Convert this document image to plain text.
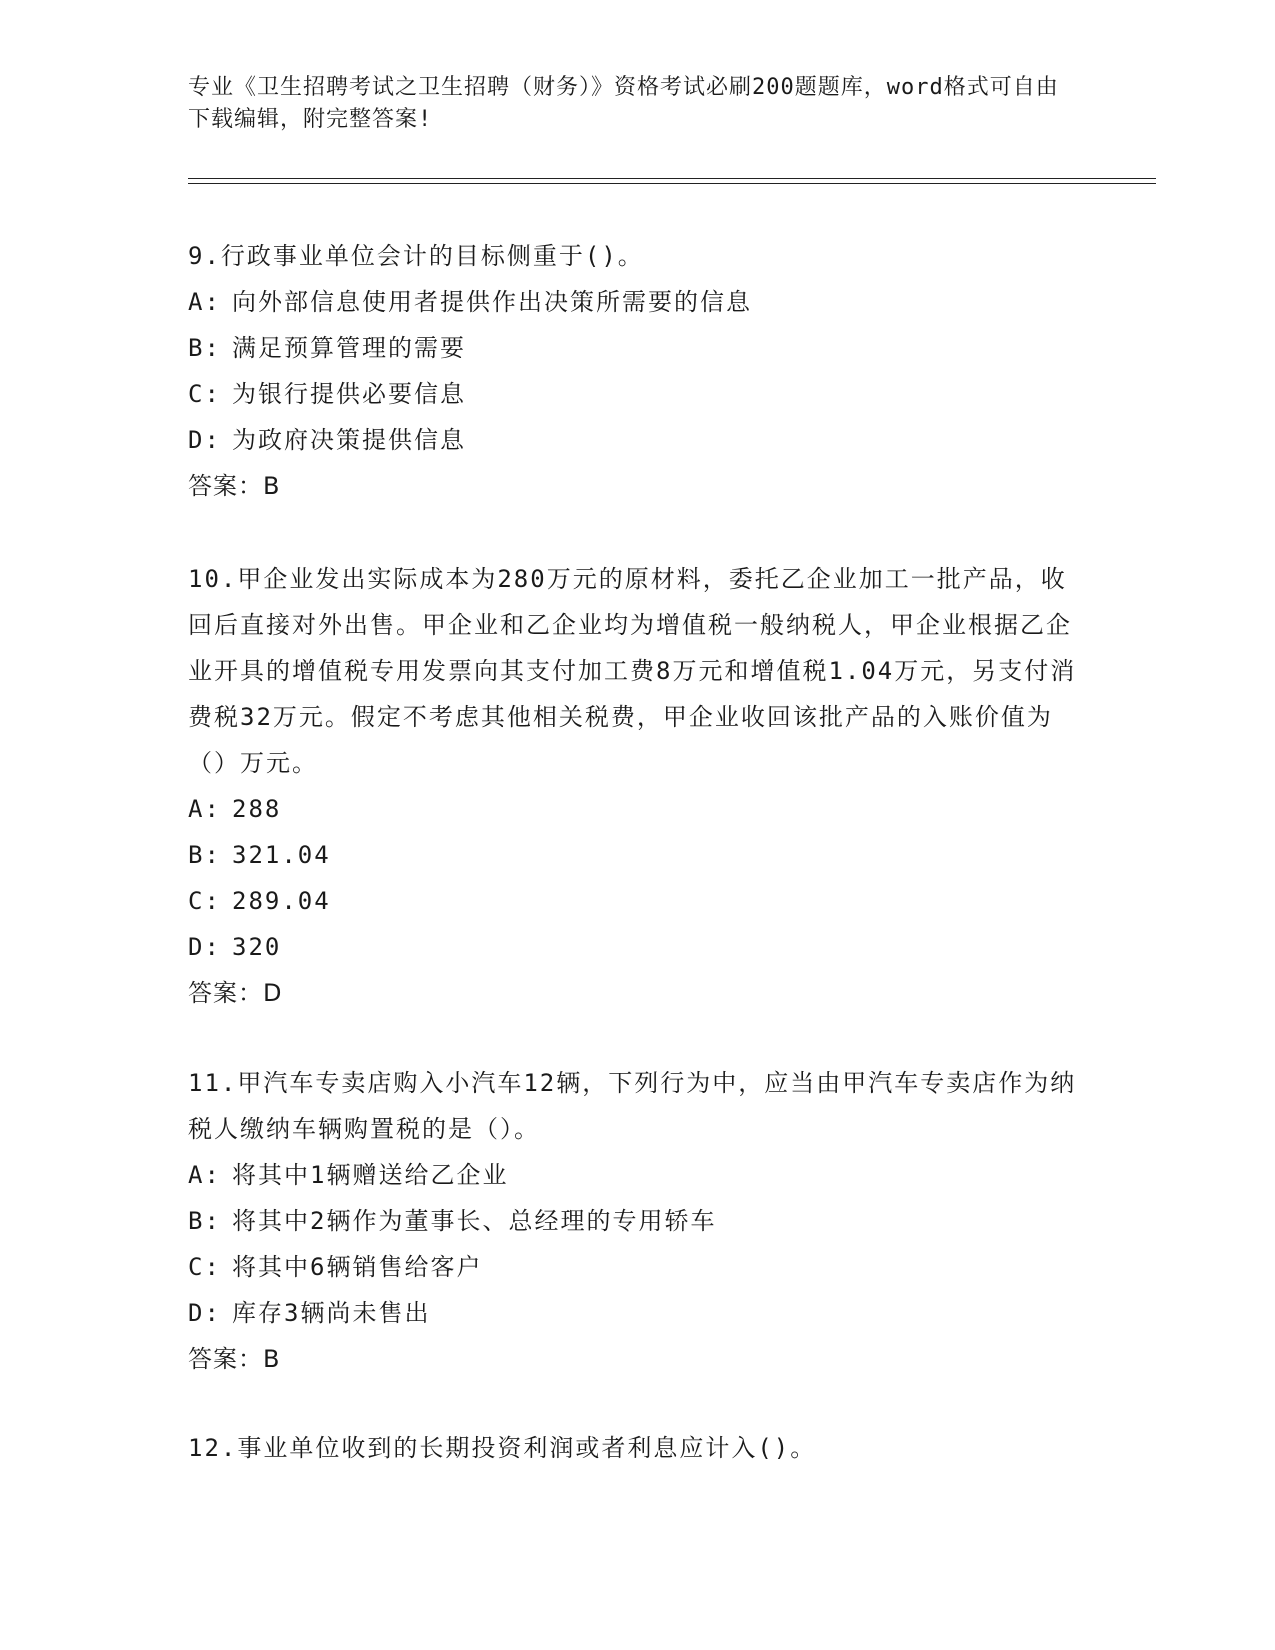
专业《卫生招聘考试之卫生招聘（财务）》资格考试必刷200题题库，word格式可自由下载编辑，附完整答案!

9.行政事业单位会计的目标侧重于()。

A: 向外部信息使用者提供作出决策所需要的信息

B: 满足预算管理的需要

C: 为银行提供必要信息

D: 为政府决策提供信息

答案：B

10.甲企业发出实际成本为280万元的原材料，委托乙企业加工一批产品，收回后直接对外出售。甲企业和乙企业均为增值税一般纳税人，甲企业根据乙企业开具的增值税专用发票向其支付加工费8万元和增值税1.04万元，另支付消费税32万元。假定不考虑其他相关税费，甲企业收回该批产品的入账价值为（）万元。

A: 288

B: 321.04

C: 289.04

D: 320

答案：D

11.甲汽车专卖店购入小汽车12辆，下列行为中，应当由甲汽车专卖店作为纳税人缴纳车辆购置税的是（）。

A: 将其中1辆赠送给乙企业

B: 将其中2辆作为董事长、总经理的专用轿车

C: 将其中6辆销售给客户

D: 库存3辆尚未售出

答案：B

12.事业单位收到的长期投资利润或者利息应计入()。
